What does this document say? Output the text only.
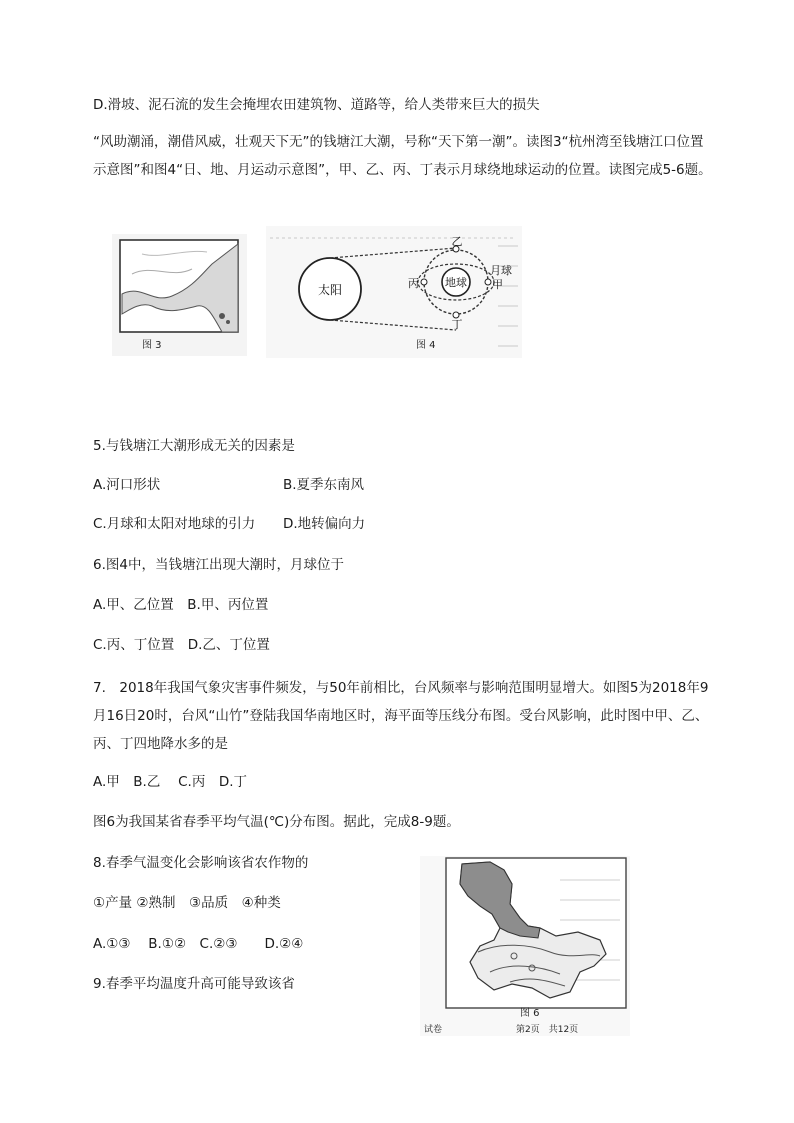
D.滑坡、泥石流的发生会掩埋农田建筑物、道路等，给人类带来巨大的损失
“风助潮涌，潮借风威，壮观天下无”的钱塘江大潮，号称“天下第一潮”。读图3“杭州湾至钱塘江口位置示意图”和图4“日、地、月运动示意图”，甲、乙、丙、丁表示月球绕地球运动的位置。读图完成5-6题。
图 3
太阳
地球
乙
丙	甲
月球
丁
图 4
5.与钱塘江大潮形成无关的因素是
A.河口形状	B.夏季东南风
C.月球和太阳对地球的引力 D.地转偏向力
6.图4中，当钱塘江出现大潮时，月球位于
A.甲、乙位置　B.甲、丙位置
C.丙、丁位置　D.乙、丁位置
7.　2018年我国气象灾害事件频发，与50年前相比，台风频率与影响范围明显增大。如图5为2018年9月16日20时，台风“山竹”登陆我国华南地区时，海平面等压线分布图。受台风影响，此时图中甲、乙、丙、丁四地降水多的是
A.甲　B.乙　 C.丙　D.丁
图6为我国某省春季平均气温(℃)分布图。据此，完成8-9题。
8.春季气温变化会影响该省农作物的
①产量 ②熟制　③品质　④种类
A.①③　 B.①②　C.②③　　D.②④
9.春季平均温度升高可能导致该省
图 6
试卷	第2页　共12页
